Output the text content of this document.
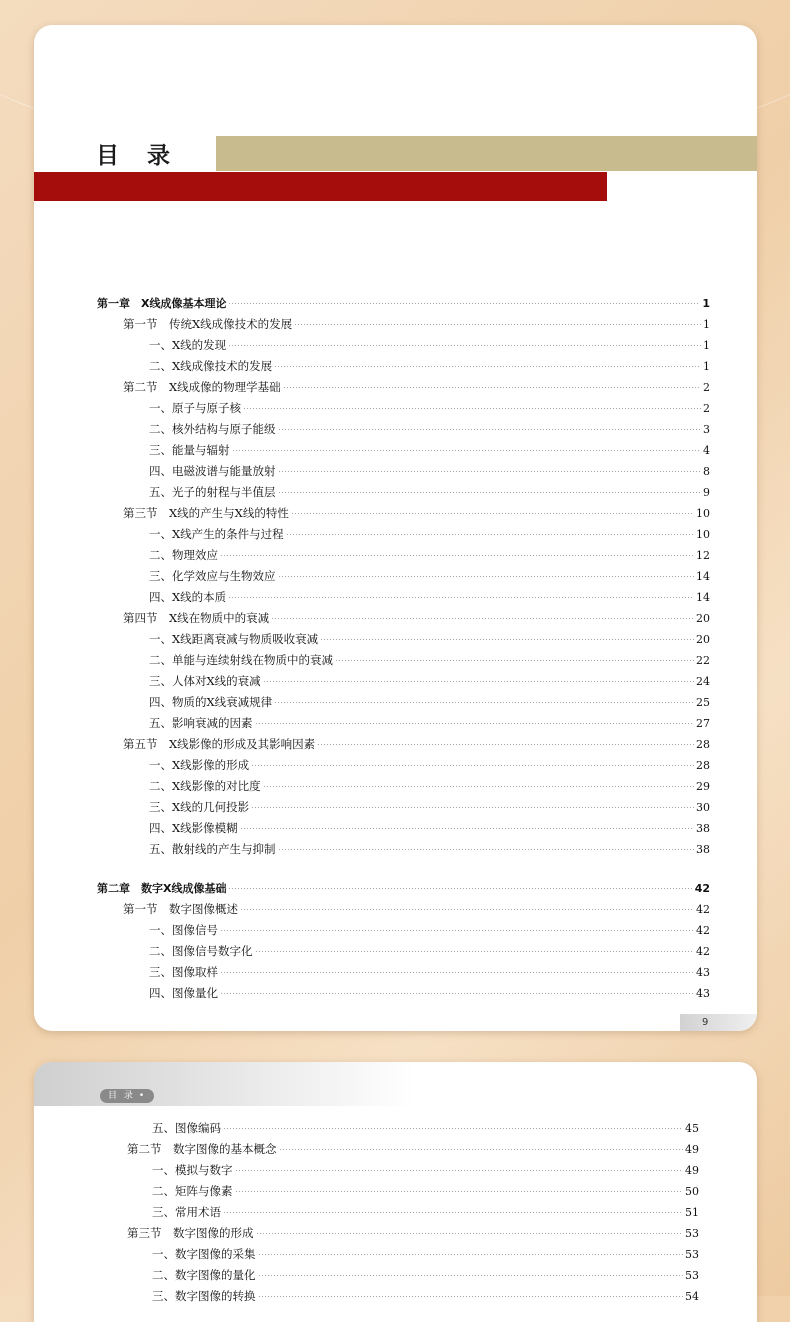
目 录
第一章　X线成像基本理论	1
第一节　传统X线成像技术的发展	1
一、X线的发现	1
二、X线成像技术的发展	1
第二节　X线成像的物理学基础	2
一、原子与原子核	2
二、核外结构与原子能级	3
三、能量与辐射	4
四、电磁波谱与能量放射	8
五、光子的射程与半值层	9
第三节　X线的产生与X线的特性	10
一、X线产生的条件与过程	10
二、物理效应	12
三、化学效应与生物效应	14
四、X线的本质	14
第四节　X线在物质中的衰减	20
一、X线距离衰减与物质吸收衰减	20
二、单能与连续射线在物质中的衰减	22
三、人体对X线的衰减	24
四、物质的X线衰减规律	25
五、影响衰减的因素	27
第五节　X线影像的形成及其影响因素	28
一、X线影像的形成	28
二、X线影像的对比度	29
三、X线的几何投影	30
四、X线影像模糊	38
五、散射线的产生与抑制	38
第二章　数字X线成像基础	42
第一节　数字图像概述	42
一、图像信号	42
二、图像信号数字化	42
三、图像取样	43
四、图像量化	43
9
目 录 •
五、图像编码	45
第二节　数字图像的基本概念	49
一、模拟与数字	49
二、矩阵与像素	50
三、常用术语	51
第三节　数字图像的形成	53
一、数字图像的采集	53
二、数字图像的量化	53
三、数字图像的转换	54
